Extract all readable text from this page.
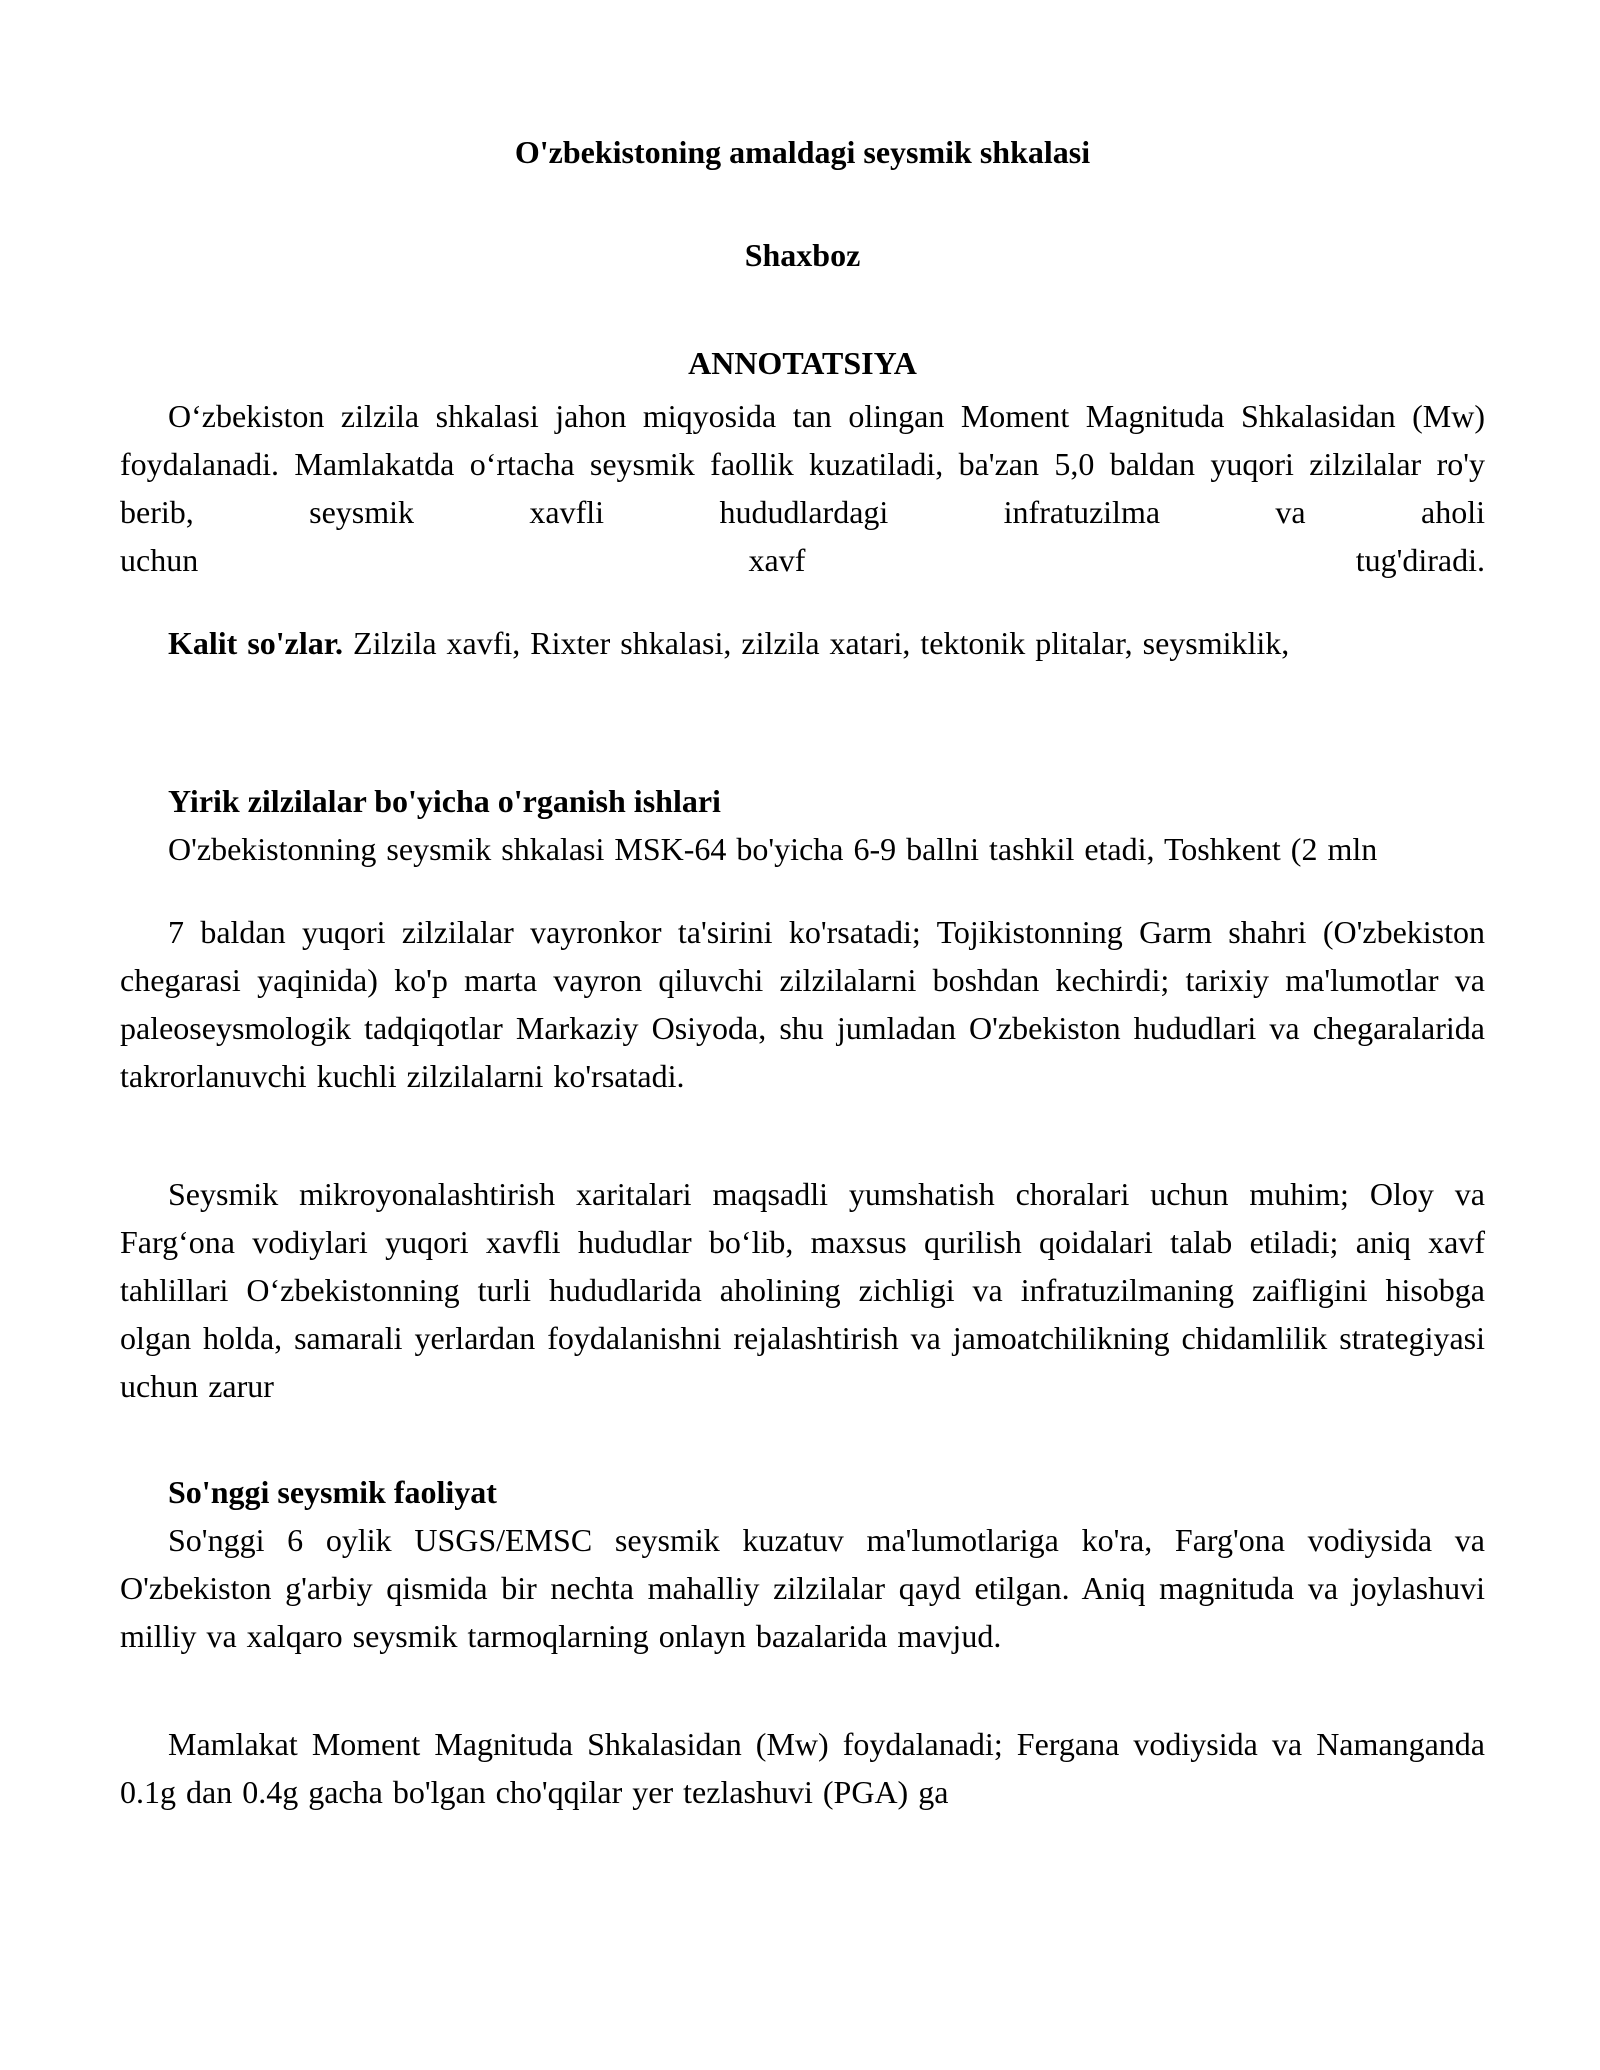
O'zbekistoning amaldagi seysmik shkalasi

Shaxboz

ANNOTATSIYA

Oʻzbekiston zilzila shkalasi jahon miqyosida tan olingan Moment Magnituda Shkalasidan (Mw) foydalanadi. Mamlakatda oʻrtacha seysmik faollik kuzatiladi, ba'zan 5,0 baldan yuqori zilzilalar ro'y berib, seysmik xavfli hududlardagi infratuzilma va aholi

uchun	xavf	tug'diradi.

Kalit so'zlar. Zilzila xavfi, Rixter shkalasi, zilzila xatari, tektonik plitalar, seysmiklik,

Yirik zilzilalar bo'yicha o'rganish ishlari

O'zbekistonning seysmik shkalasi MSK-64 bo'yicha 6-9 ballni tashkil etadi, Toshkent (2 mln

7 baldan yuqori zilzilalar vayronkor ta'sirini ko'rsatadi; Tojikistonning Garm shahri (O'zbekiston chegarasi yaqinida) ko'p marta vayron qiluvchi zilzilalarni boshdan kechirdi; tarixiy ma'lumotlar va paleoseysmologik tadqiqotlar Markaziy Osiyoda, shu jumladan O'zbekiston hududlari va chegaralarida takrorlanuvchi kuchli zilzilalarni ko'rsatadi.

Seysmik mikroyonalashtirish xaritalari maqsadli yumshatish choralari uchun muhim; Oloy va Fargʻona vodiylari yuqori xavfli hududlar boʻlib, maxsus qurilish qoidalari talab etiladi; aniq xavf tahlillari Oʻzbekistonning turli hududlarida aholining zichligi va infratuzilmaning zaifligini hisobga olgan holda, samarali yerlardan foydalanishni rejalashtirish va jamoatchilikning chidamlilik strategiyasi uchun zarur

So'nggi seysmik faoliyat

So'nggi 6 oylik USGS/EMSC seysmik kuzatuv ma'lumotlariga ko'ra, Farg'ona vodiysida va O'zbekiston g'arbiy qismida bir nechta mahalliy zilzilalar qayd etilgan. Aniq magnituda va joylashuvi milliy va xalqaro seysmik tarmoqlarning onlayn bazalarida mavjud.

Mamlakat Moment Magnituda Shkalasidan (Mw) foydalanadi; Fergana vodiysida va Namanganda 0.1g dan 0.4g gacha bo'lgan cho'qqilar yer tezlashuvi (PGA) ga
